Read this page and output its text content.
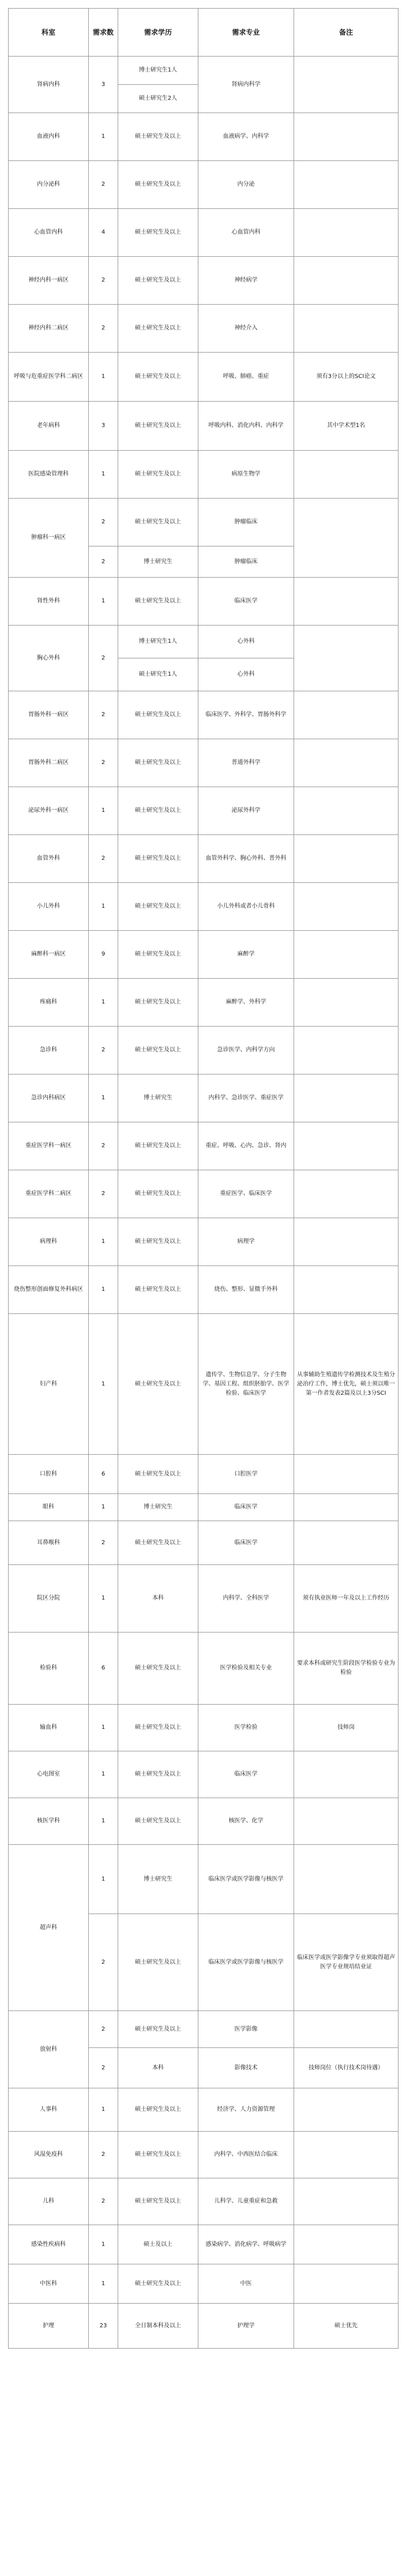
科室	需求数	需求学历	需求专业	备注
肾病内科	3	博士研究生1人	肾病内科学	
		硕士研究生2人		
血液内科	1	硕士研究生及以上	血液病学、内科学	
内分泌科	2	硕士研究生及以上	内分泌	
心血管内科	4	硕士研究生及以上	心血管内科	
神经内科一病区	2	硕士研究生及以上	神经病学	
神经内科二病区	2	硕士研究生及以上	神经介入	
呼吸与危重症医学科二病区	1	硕士研究生及以上	呼吸、肺癌、重症	须有3分以上的SCI论文
老年病科	3	硕士研究生及以上	呼吸内科、消化内科、内科学	其中学术型1名
医院感染管理科	1	硕士研究生及以上	病原生物学	
肿瘤科一病区	2	硕士研究生及以上	肿瘤临床	
	2	博士研究生	肿瘤临床	
肾性外科	1	硕士研究生及以上	临床医学	
胸心外科	2	博士研究生1人	心外科	
		硕士研究生1人	心外科	
胃肠外科一病区	2	硕士研究生及以上	临床医学、外科学、胃肠外科学	
胃肠外科二病区	2	硕士研究生及以上	普通外科学	
泌尿外科一病区	1	硕士研究生及以上	泌尿外科学	
血管外科	2	硕士研究生及以上	血管外科学、胸心外科、普外科	
小儿外科	1	硕士研究生及以上	小儿外科或者小儿骨科	
麻醉科一病区	9	硕士研究生及以上	麻醉学	
疼痛科	1	硕士研究生及以上	麻醉学、外科学	
急诊科	2	硕士研究生及以上	急诊医学、内科学方向	
急诊内科病区	1	博士研究生	内科学、急诊医学、重症医学	
重症医学科一病区	2	硕士研究生及以上	重症、呼吸、心内、急诊、肾内	
重症医学科二病区	2	硕士研究生及以上	重症医学、临床医学	
病理科	1	硕士研究生及以上	病理学	
烧伤整形创面修复外科病区	1	硕士研究生及以上	烧伤、整形、显微手外科	
妇产科	1	硕士研究生及以上	遗传学、生物信息学、分子生物学、基因工程、组织胚胎学、医学检验、临床医学	从事辅助生殖遗传学检测技术及生殖分泌治疗工作，博士优先，硕士须以唯一第一作者发表2篇及以上3分SCI
口腔科	6	硕士研究生及以上	口腔医学	
眼科	1	博士研究生	临床医学	
耳鼻喉科	2	硕士研究生及以上	临床医学	
院区分院	1	本科	内科学、全科医学	须有执业医师一年及以上工作经历
检验科	6	硕士研究生及以上	医学检验及相关专业	要求本科或研究生阶段医学检验专业为检验
输血科	1	硕士研究生及以上	医学检验	技师岗
心电图室	1	硕士研究生及以上	临床医学	
核医学科	1	硕士研究生及以上	核医学、化学	
超声科	1	博士研究生	临床医学或医学影像与核医学	
	2	硕士研究生及以上	临床医学或医学影像与核医学	临床医学或医学影像学专业须取得超声医学专业规培结业证
放射科	2	硕士研究生及以上	医学影像	
	2	本科	影像技术	技师岗位（执行技术岗待遇）
人事科	1	硕士研究生及以上	经济学、人力资源管理	
风湿免疫科	2	硕士研究生及以上	内科学、中西医结合临床	
儿科	2	硕士研究生及以上	儿科学、儿童重症和急救	
感染性疾病科	1	硕士及以上	感染病学、消化病学、呼吸病学	
中医科	1	硕士研究生及以上	中医	
护理	23	全日制本科及以上	护理学	硕士优先
